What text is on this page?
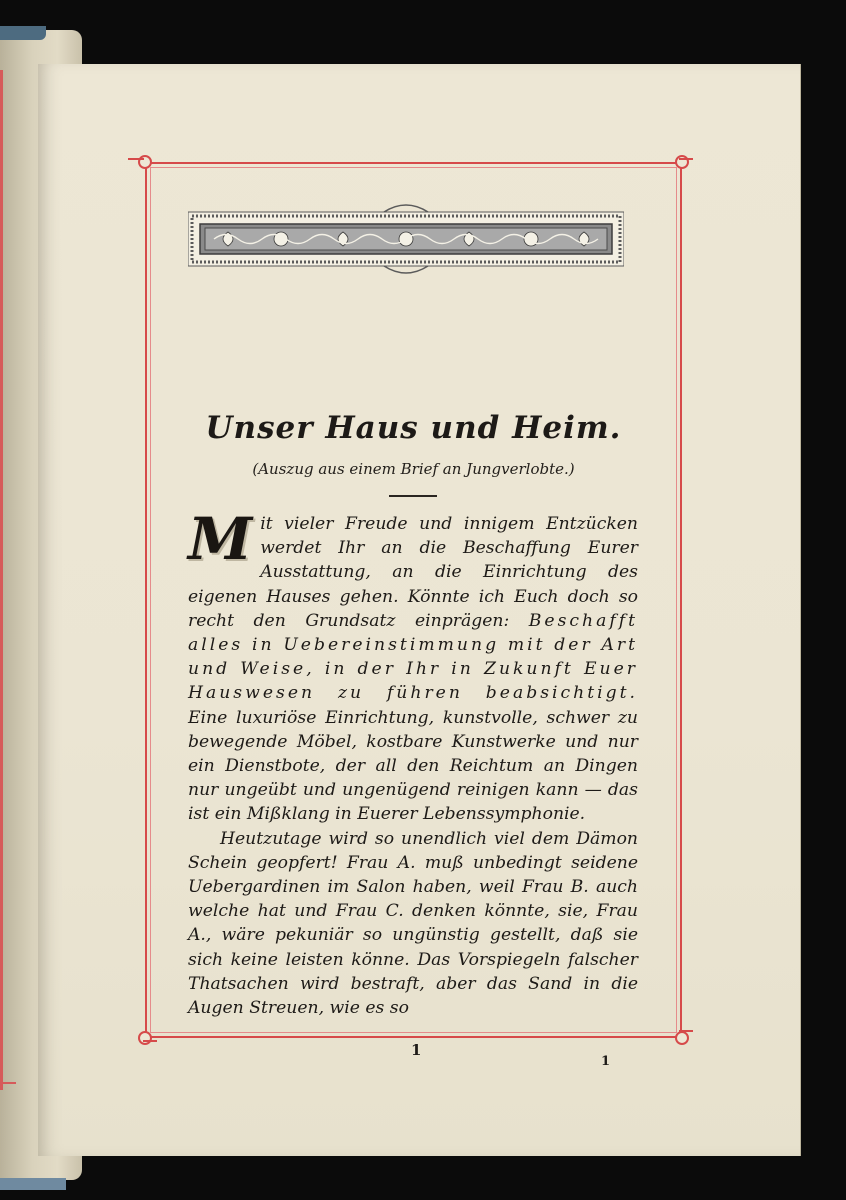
Unser Haus und Heim.
(Auszug aus einem Brief an Jungverlobte.)

Mit vieler Freude und innigem Entzücken werdet Ihr an die Beschaffung Eurer Ausstattung, an die Einrichtung des eigenen Hauses gehen. Könnte ich Euch doch so recht den Grundsatz einprägen: Beschafft alles in Uebereinstimmung mit der Art und Weise, in der Ihr in Zukunft Euer Hauswesen zu führen beabsichtigt. Eine luxuriöse Einrichtung, kunstvolle, schwer zu bewegende Möbel, kostbare Kunstwerke und nur ein Dienstbote, der all den Reichtum an Dingen nur ungeübt und ungenügend reinigen kann — das ist ein Mißklang in Euerer Lebenssymphonie.

Heutzutage wird so unendlich viel dem Dämon Schein geopfert! Frau A. muß unbedingt seidene Uebergardinen im Salon haben, weil Frau B. auch welche hat und Frau C. denken könnte, sie, Frau A., wäre pekuniär so ungünstig gestellt, daß sie sich keine leisten könne. Das Vorspiegeln falscher Thatsachen wird bestraft, aber das Sand in die Augen Streuen, wie es so

1
1
